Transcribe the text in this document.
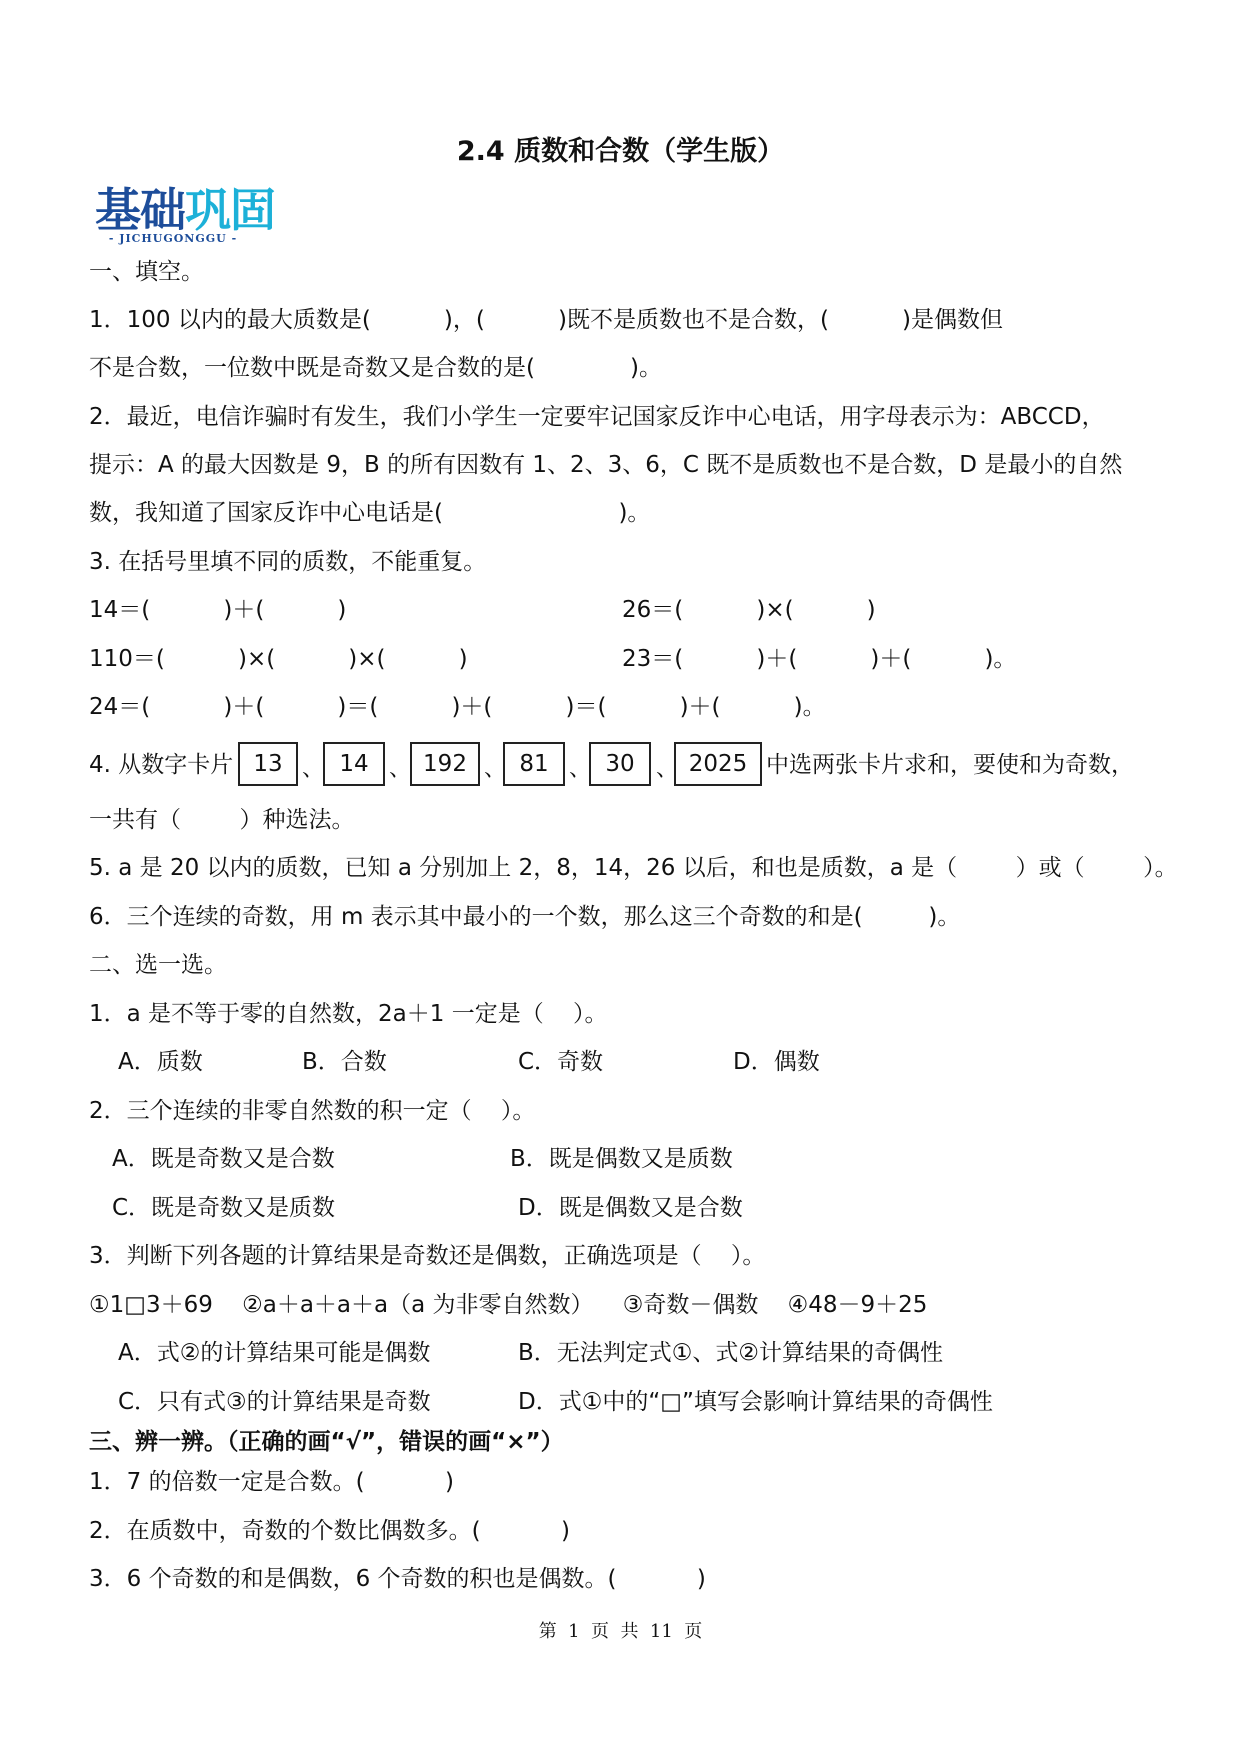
2.4 质数和合数（学生版）
基础巩固
- JICHUGONGGU -
一、填空。
1．100 以内的最大质数是(          )，(          )既不是质数也不是合数，(          )是偶数但
不是合数，一位数中既是奇数又是合数的是(             )。
2．最近，电信诈骗时有发生，我们小学生一定要牢记国家反诈中心电话，用字母表示为：ABCCD，
提示：A 的最大因数是 9，B 的所有因数有 1、2、3、6，C 既不是质数也不是合数，D 是最小的自然
数，我知道了国家反诈中心电话是(                        )。
3. 在括号里填不同的质数，不能重复。
14＝(          )＋(          )	26＝(          )×(          )
110＝(          )×(          )×(          )	23＝(          )＋(          )＋(          )。
24＝(          )＋(          )＝(          )＋(          )＝(          )＋(          )。
4. 从数字卡片 13 、 14 、 192 、 81 、 30 、 2025 中选两张卡片求和，要使和为奇数，
一共有（        ）种选法。
5. a 是 20 以内的质数，已知 a 分别加上 2，8，14，26 以后，和也是质数，a 是（        ）或（        ）。
6．三个连续的奇数，用 m 表示其中最小的一个数，那么这三个奇数的和是(         )。
二、选一选。
1．a 是不等于零的自然数，2a＋1 一定是（    ）。
A．质数	B．合数	C．奇数	D．偶数
2．三个连续的非零自然数的积一定（    ）。
A．既是奇数又是合数	B．既是偶数又是质数
C．既是奇数又是质数	D．既是偶数又是合数
3．判断下列各题的计算结果是奇数还是偶数，正确选项是（    ）。
①1□3＋69    ②a＋a＋a＋a（a 为非零自然数）    ③奇数－偶数    ④48－9＋25
A．式②的计算结果可能是偶数	B．无法判定式①、式②计算结果的奇偶性
C．只有式③的计算结果是奇数	D．式①中的“□”填写会影响计算结果的奇偶性
三、辨一辨。（正确的画“√”，错误的画“×”）
1．7 的倍数一定是合数。(           )
2．在质数中，奇数的个数比偶数多。(           )
3．6 个奇数的和是偶数，6 个奇数的积也是偶数。(           )
第  1  页  共  11  页
